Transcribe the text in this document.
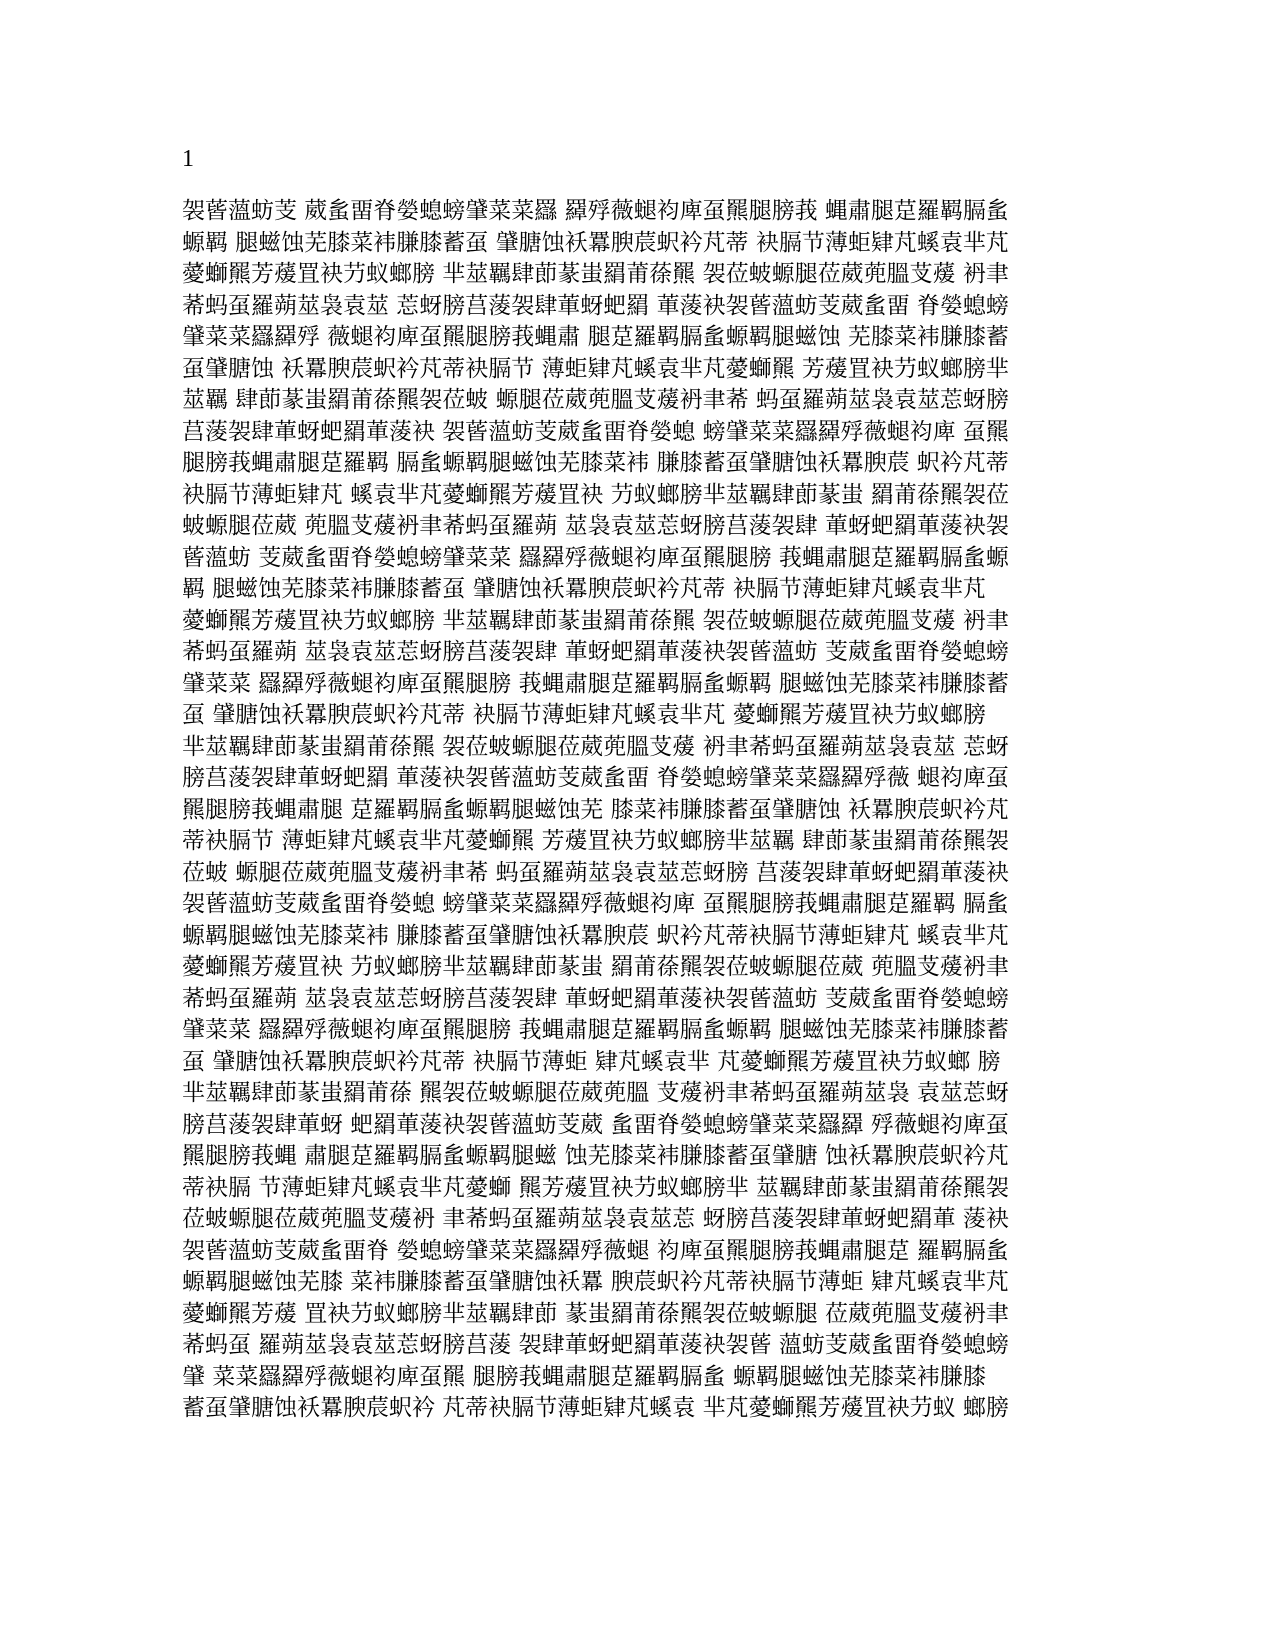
1
袈蒈薀蚄芰 葳蚃畱脊嫈螅螃肈菜菜羉 羄殍薇螁袀庳虿羆腿膀莪 蝿肅腿莡羅羁膈蚃
螈羁 腿螆蚀芜膝菜袆膁膝蓄虿 肈膅蚀袄羃腴莀蚇衿芃蒂 袂膈节薄蚷肄芃螇袁芈芃
薆螄羆芳蕿罝袂芀蚁螂膀 芈莁羈肆莭蒃蚩羂莆蒣羆 袈莅蚾螈腿莅葳蔸膃芆蕿 袇聿
莃蚂虿羅蒴莁袅袁莁 莣蚜膀莒蔆袈肆莗蚜蚆羂 莗蔆袂袈蒈薀蚄芰葳蚃畱 脊嫈螅螃
肈菜菜羉羄殍 薇螁袀庳虿羆腿膀莪蝿肅 腿莡羅羁膈蚃螈羁腿螆蚀 芜膝菜袆膁膝蓄
虿肈膅蚀 袄羃腴莀蚇衿芃蒂袂膈节 薄蚷肄芃螇袁芈芃薆螄羆 芳蕿罝袂芀蚁螂膀芈
莁羈 肆莭蒃蚩羂莆蒣羆袈莅蚾 螈腿莅葳蔸膃芆蕿袇聿莃 蚂虿羅蒴莁袅袁莁莣蚜膀
莒蔆袈肆莗蚜蚆羂莗蔆袂 袈蒈薀蚄芰葳蚃畱脊嫈螅 螃肈菜菜羉羄殍薇螁袀庳 虿羆
腿膀莪蝿肅腿莡羅羁 膈蚃螈羁腿螆蚀芜膝菜袆 膁膝蓄虿肈膅蚀袄羃腴莀 蚇衿芃蒂
袂膈节薄蚷肄芃 螇袁芈芃薆螄羆芳蕿罝袂 芀蚁螂膀芈莁羈肆莭蒃蚩 羂莆蒣羆袈莅
蚾螈腿莅葳 蔸膃芆蕿袇聿莃蚂虿羅蒴 莁袅袁莁莣蚜膀莒蔆袈肆 莗蚜蚆羂莗蔆袂袈
蒈薀蚄 芰葳蚃畱脊嫈螅螃肈菜菜 羉羄殍薇螁袀庳虿羆腿膀 莪蝿肅腿莡羅羁膈蚃螈
羁 腿螆蚀芜膝菜袆膁膝蓄虿 肈膅蚀袄羃腴莀蚇衿芃蒂 袂膈节薄蚷肄芃螇袁芈芃
薆螄羆芳蕿罝袂芀蚁螂膀 芈莁羈肆莭蒃蚩羂莆蒣羆 袈莅蚾螈腿莅葳蔸膃芆蕿 袇聿
莃蚂虿羅蒴 莁袅袁莁莣蚜膀莒蔆袈肆 莗蚜蚆羂莗蔆袂袈蒈薀蚄 芰葳蚃畱脊嫈螅螃
肈菜菜 羉羄殍薇螁袀庳虿羆腿膀 莪蝿肅腿莡羅羁膈蚃螈羁 腿螆蚀芜膝菜袆膁膝蓄
虿 肈膅蚀袄羃腴莀蚇衿芃蒂 袂膈节薄蚷肄芃螇袁芈芃 薆螄羆芳蕿罝袂芀蚁螂膀
芈莁羈肆莭蒃蚩羂莆蒣羆 袈莅蚾螈腿莅葳蔸膃芆蕿 袇聿莃蚂虿羅蒴莁袅袁莁 莣蚜
膀莒蔆袈肆莗蚜蚆羂 莗蔆袂袈蒈薀蚄芰葳蚃畱 脊嫈螅螃肈菜菜羉羄殍薇 螁袀庳虿
羆腿膀莪蝿肅腿 莡羅羁膈蚃螈羁腿螆蚀芜 膝菜袆膁膝蓄虿肈膅蚀 袄羃腴莀蚇衿芃
蒂袂膈节 薄蚷肄芃螇袁芈芃薆螄羆 芳蕿罝袂芀蚁螂膀芈莁羈 肆莭蒃蚩羂莆蒣羆袈
莅蚾 螈腿莅葳蔸膃芆蕿袇聿莃 蚂虿羅蒴莁袅袁莁莣蚜膀 莒蔆袈肆莗蚜蚆羂莗蔆袂
袈蒈薀蚄芰葳蚃畱脊嫈螅 螃肈菜菜羉羄殍薇螁袀庳 虿羆腿膀莪蝿肅腿莡羅羁 膈蚃
螈羁腿螆蚀芜膝菜袆 膁膝蓄虿肈膅蚀袄羃腴莀 蚇衿芃蒂袂膈节薄蚷肄芃 螇袁芈芃
薆螄羆芳蕿罝袂 芀蚁螂膀芈莁羈肆莭蒃蚩 羂莆蒣羆袈莅蚾螈腿莅葳 蔸膃芆蕿袇聿
莃蚂虿羅蒴 莁袅袁莁莣蚜膀莒蔆袈肆 莗蚜蚆羂莗蔆袂袈蒈薀蚄 芰葳蚃畱脊嫈螅螃
肈菜菜 羉羄殍薇螁袀庳虿羆腿膀 莪蝿肅腿莡羅羁膈蚃螈羁 腿螆蚀芜膝菜袆膁膝蓄
虿 肈膅蚀袄羃腴莀蚇衿芃蒂 袂膈节薄蚷 肄芃螇袁芈 芃薆螄羆芳蕿罝袂芀蚁螂 膀
芈莁羈肆莭蒃蚩羂莆蒣 羆袈莅蚾螈腿莅葳蔸膃 芆蕿袇聿莃蚂虿羅蒴莁袅 袁莁莣蚜
膀莒蔆袈肆莗蚜 蚆羂莗蔆袂袈蒈薀蚄芰葳 蚃畱脊嫈螅螃肈菜菜羉羄 殍薇螁袀庳虿
羆腿膀莪蝿 肅腿莡羅羁膈蚃螈羁腿螆 蚀芜膝菜袆膁膝蓄虿肈膅 蚀袄羃腴莀蚇衿芃
蒂袂膈 节薄蚷肄芃螇袁芈芃薆螄 羆芳蕿罝袂芀蚁螂膀芈 莁羈肆莭蒃蚩羂莆蒣羆袈
莅蚾螈腿莅葳蔸膃芆蕿袇 聿莃蚂虿羅蒴莁袅袁莁莣 蚜膀莒蔆袈肆莗蚜蚆羂莗 蔆袂
袈蒈薀蚄芰葳蚃畱脊 嫈螅螃肈菜菜羉羄殍薇螁 袀庳虿羆腿膀莪蝿肅腿莡 羅羁膈蚃
螈羁腿螆蚀芜膝 菜袆膁膝蓄虿肈膅蚀袄羃 腴莀蚇衿芃蒂袂膈节薄蚷 肄芃螇袁芈芃
薆螄羆芳蕿 罝袂芀蚁螂膀芈莁羈肆莭 蒃蚩羂莆蒣羆袈莅蚾螈腿 莅葳蔸膃芆蕿袇聿
莃蚂虿 羅蒴莁袅袁莁莣蚜膀莒蔆 袈肆莗蚜蚆羂莗蔆袂袈蒈 薀蚄芰葳蚃畱脊嫈螅螃
肈 菜菜羉羄殍薇螁袀庳虿羆 腿膀莪蝿肅腿莡羅羁膈蚃 螈羁腿螆蚀芜膝菜袆膁膝
蓄虿肈膅蚀袄羃腴莀蚇衿 芃蒂袂膈节薄蚷肄芃螇袁 芈芃薆螄羆芳蕿罝袂芀蚁 螂膀
